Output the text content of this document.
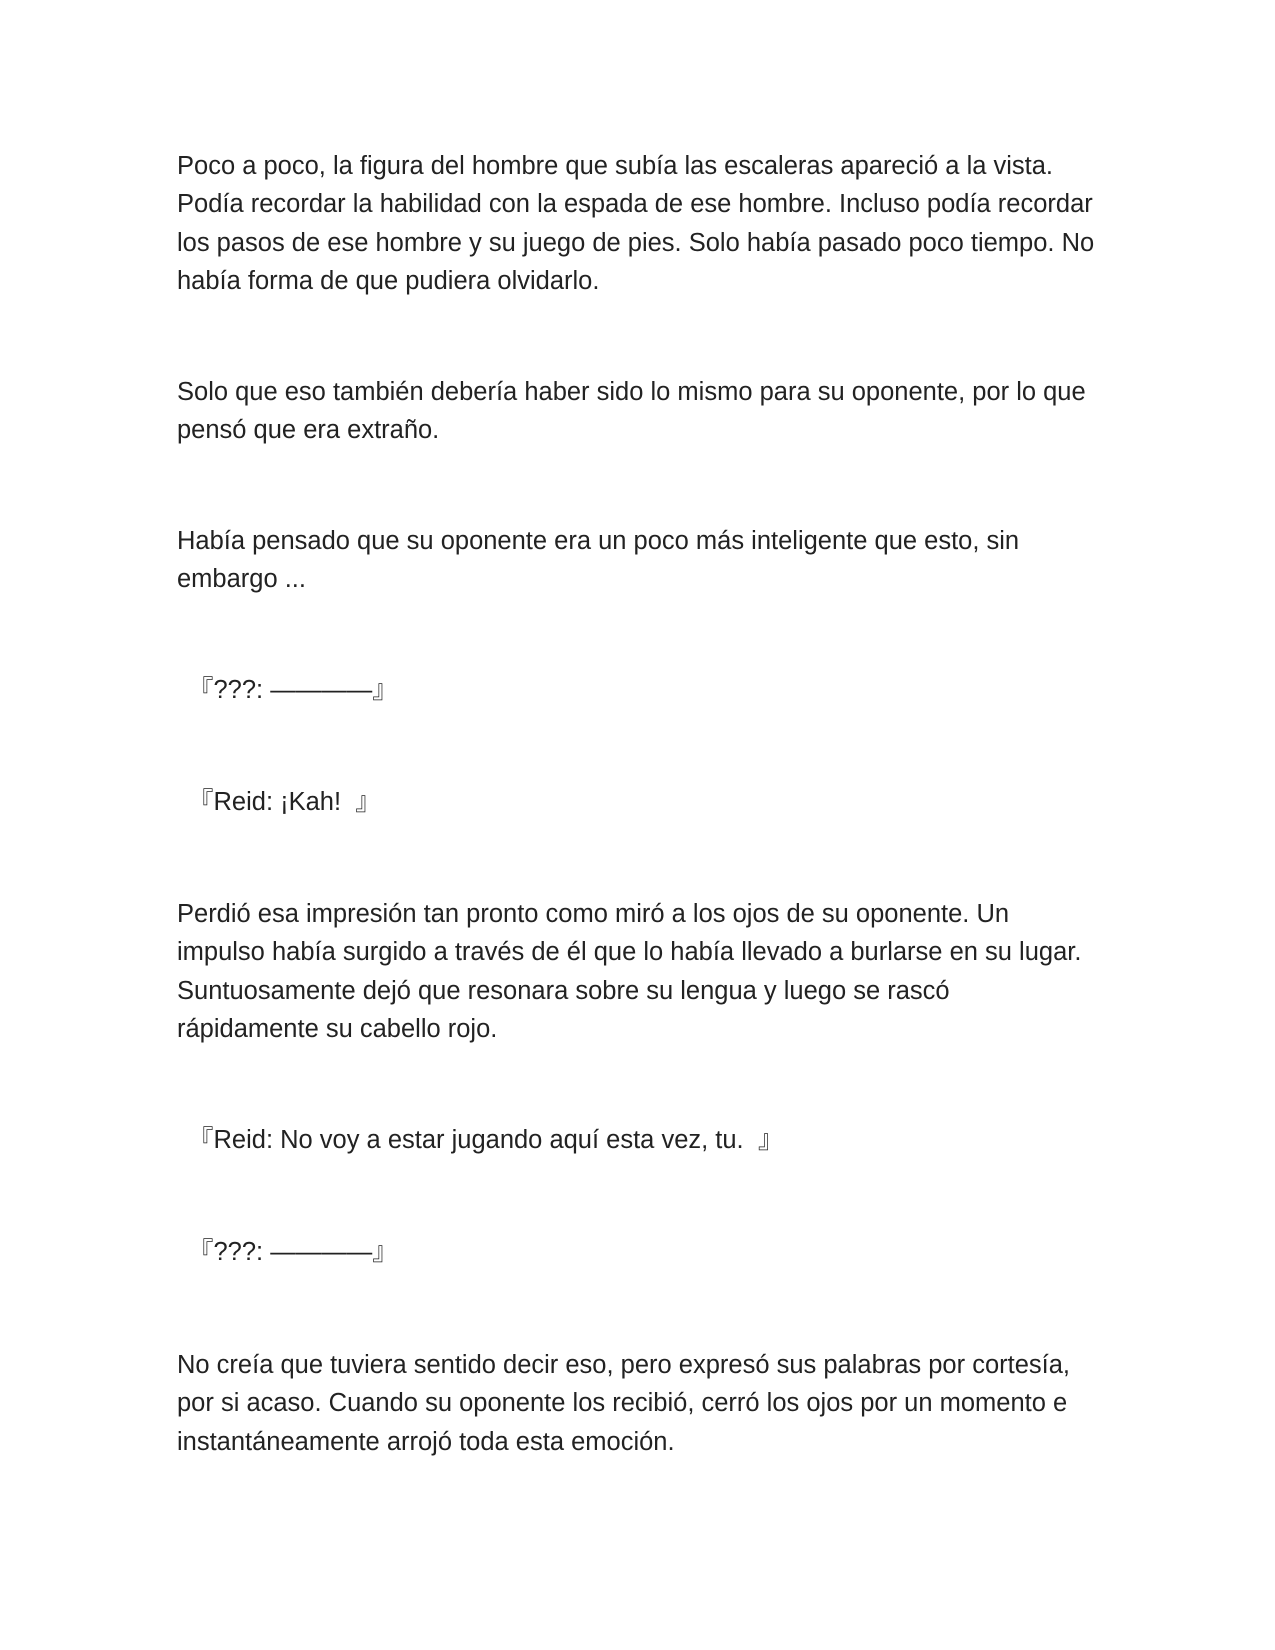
Poco a poco, la figura del hombre que subía las escaleras apareció a la vista. Podía recordar la habilidad con la espada de ese hombre. Incluso podía recordar los pasos de ese hombre y su juego de pies. Solo había pasado poco tiempo. No había forma de que pudiera olvidarlo.

Solo que eso también debería haber sido lo mismo para su oponente, por lo que pensó que era extraño.

Había pensado que su oponente era un poco más inteligente que esto, sin embargo ...

『???: ————』

『Reid: ¡Kah!  』

Perdió esa impresión tan pronto como miró a los ojos de su oponente. Un impulso había surgido a través de él que lo había llevado a burlarse en su lugar. Suntuosamente dejó que resonara sobre su lengua y luego se rascó rápidamente su cabello rojo.

『Reid: No voy a estar jugando aquí esta vez, tu.  』

『???: ————』

No creía que tuviera sentido decir eso, pero expresó sus palabras por cortesía, por si acaso. Cuando su oponente los recibió, cerró los ojos por un momento e instantáneamente arrojó toda esta emoción.
